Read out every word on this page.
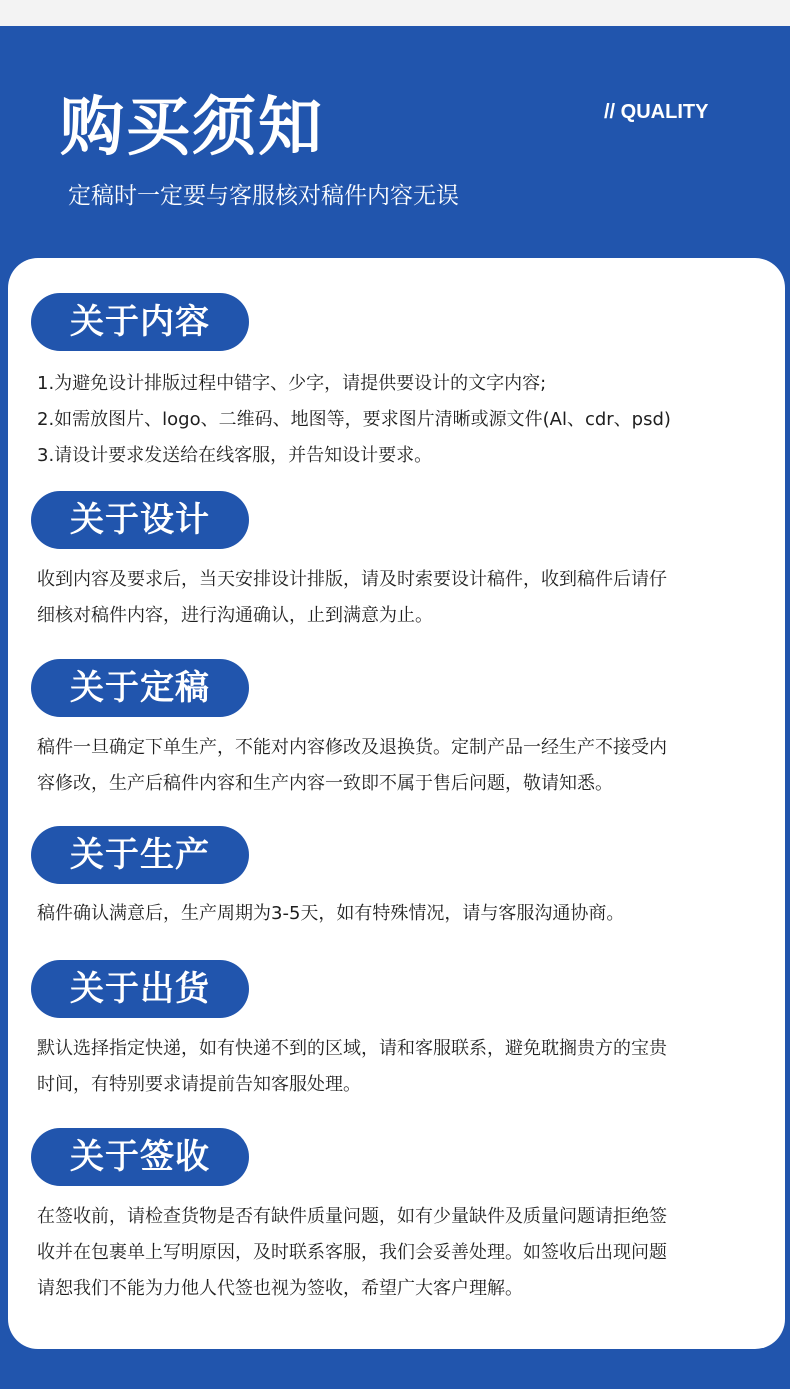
购买须知	// QUALITY
定稿时一定要与客服核对稿件内容无误
关于内容
1.为避免设计排版过程中错字、少字，请提供要设计的文字内容;
2.如需放图片、logo、二维码、地图等，要求图片清晰或源文件(Al、cdr、psd)
3.请设计要求发送给在线客服，并告知设计要求。
关于设计
收到内容及要求后，当天安排设计排版，请及时索要设计稿件，收到稿件后请仔
细核对稿件内容，进行沟通确认，止到满意为止。
关于定稿
稿件一旦确定下单生产，不能对内容修改及退换货。定制产品一经生产不接受内
容修改，生产后稿件内容和生产内容一致即不属于售后问题，敬请知悉。
关于生产
稿件确认满意后，生产周期为3-5天，如有特殊情况，请与客服沟通协商。
关于出货
默认选择指定快递，如有快递不到的区域，请和客服联系，避免耽搁贵方的宝贵
时间，有特别要求请提前告知客服处理。
关于签收
在签收前，请检查货物是否有缺件质量问题，如有少量缺件及质量问题请拒绝签
收并在包裹单上写明原因，及时联系客服，我们会妥善处理。如签收后出现问题
请恕我们不能为力他人代签也视为签收，希望广大客户理解。
